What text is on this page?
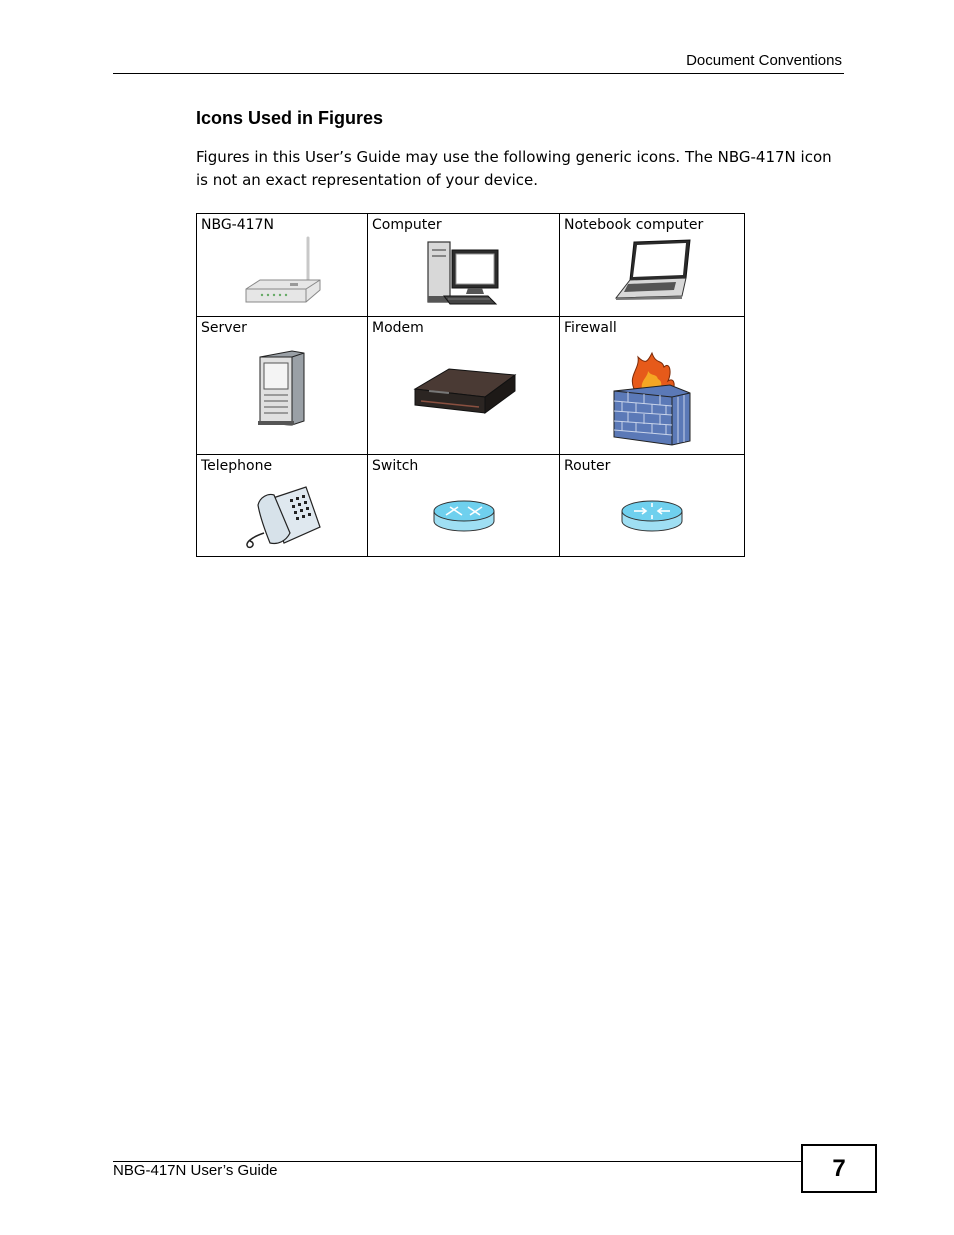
Document Conventions
Icons Used in Figures

Figures in this User’s Guide may use the following generic icons. The NBG-417N icon is not an exact representation of your device.

NBG-417N	Computer	Notebook computer

Server	Modem	Firewall

Telephone	Switch	Router
NBG-417N User’s Guide	7
